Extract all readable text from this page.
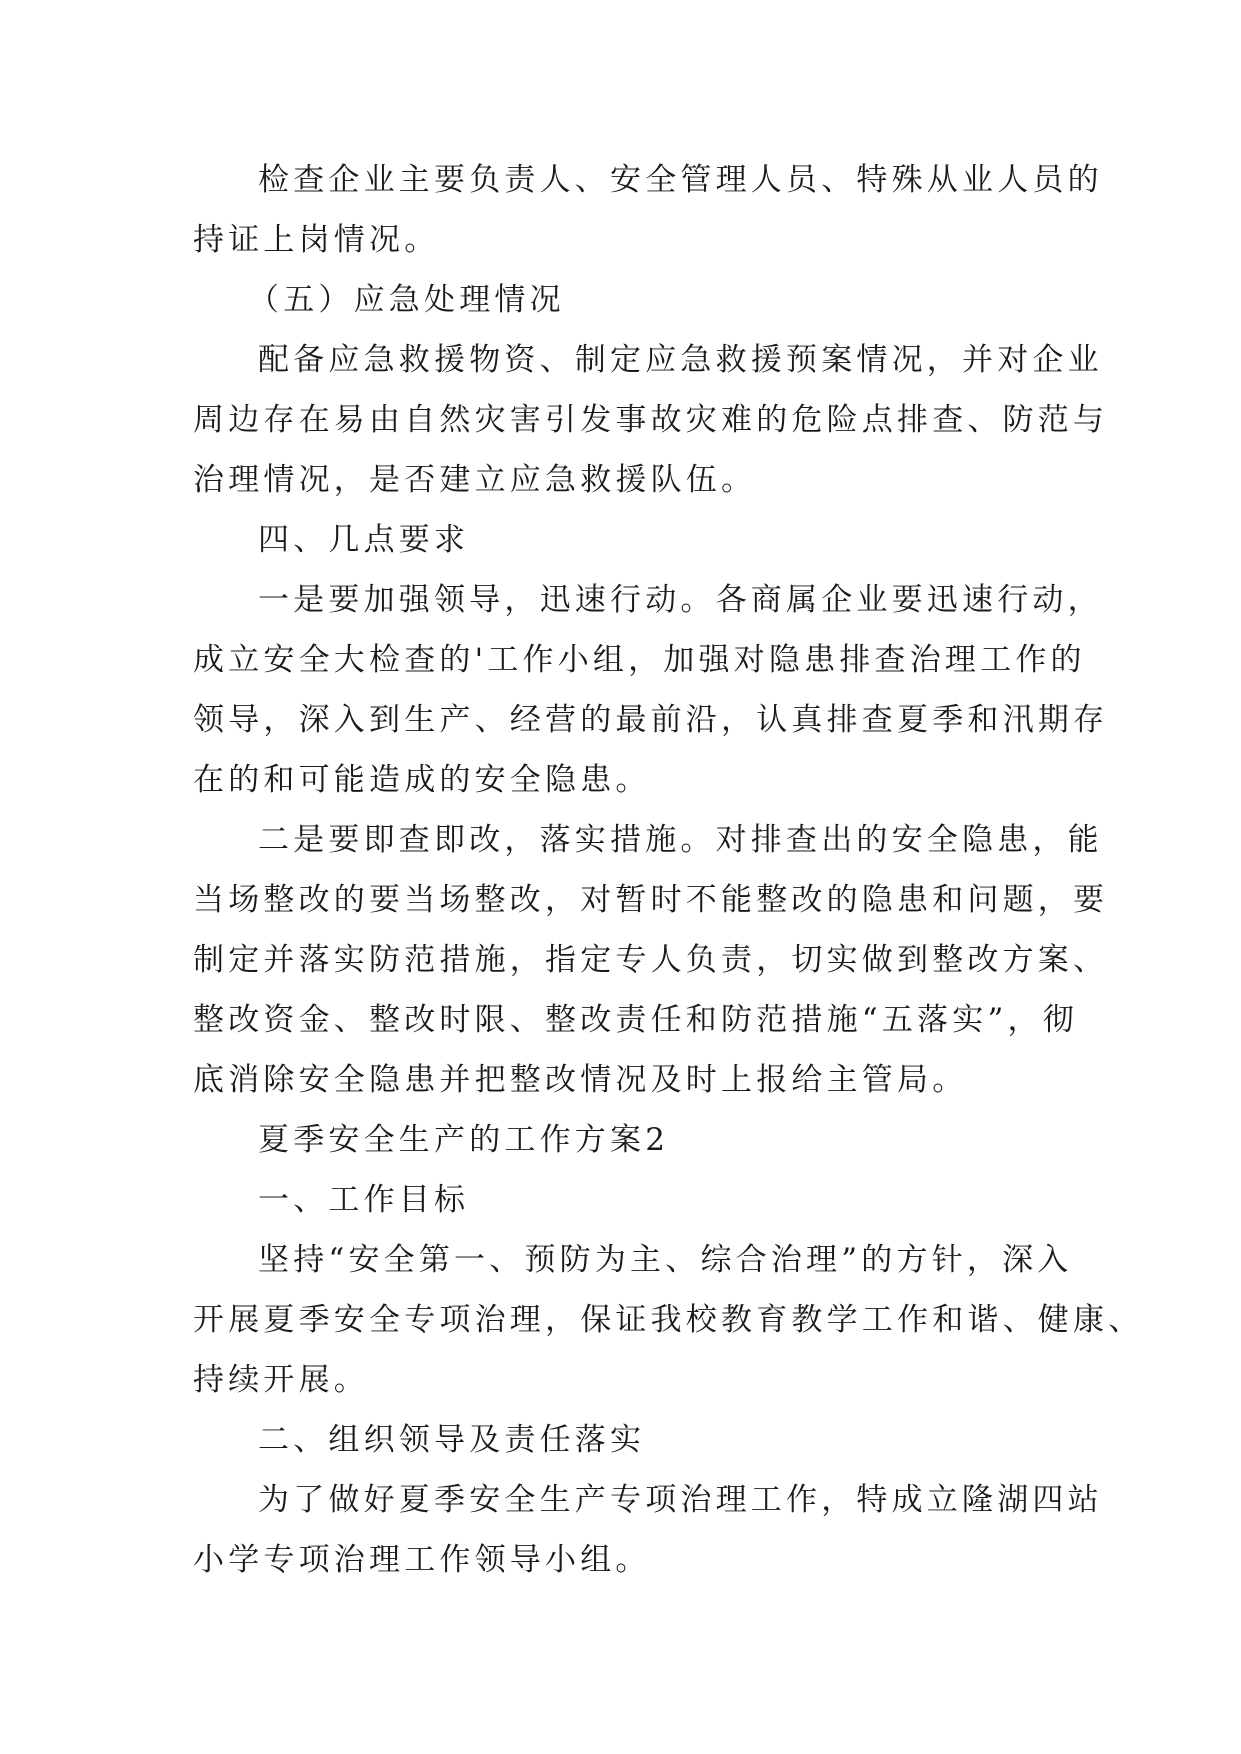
检查企业主要负责人、安全管理人员、特殊从业人员的
持证上岗情况。
（五）应急处理情况
配备应急救援物资、制定应急救援预案情况，并对企业
周边存在易由自然灾害引发事故灾难的危险点排查、防范与
治理情况，是否建立应急救援队伍。
四、几点要求
一是要加强领导，迅速行动。各商属企业要迅速行动，
成立安全大检查的'工作小组，加强对隐患排查治理工作的
领导，深入到生产、经营的最前沿，认真排查夏季和汛期存
在的和可能造成的安全隐患。
二是要即查即改，落实措施。对排查出的安全隐患，能
当场整改的要当场整改，对暂时不能整改的隐患和问题，要
制定并落实防范措施，指定专人负责，切实做到整改方案、
整改资金、整改时限、整改责任和防范措施“五落实”，彻
底消除安全隐患并把整改情况及时上报给主管局。
夏季安全生产的工作方案2
一、工作目标
坚持“安全第一、预防为主、综合治理”的方针，深入
开展夏季安全专项治理，保证我校教育教学工作和谐、健康、
持续开展。
二、组织领导及责任落实
为了做好夏季安全生产专项治理工作，特成立隆湖四站
小学专项治理工作领导小组。
